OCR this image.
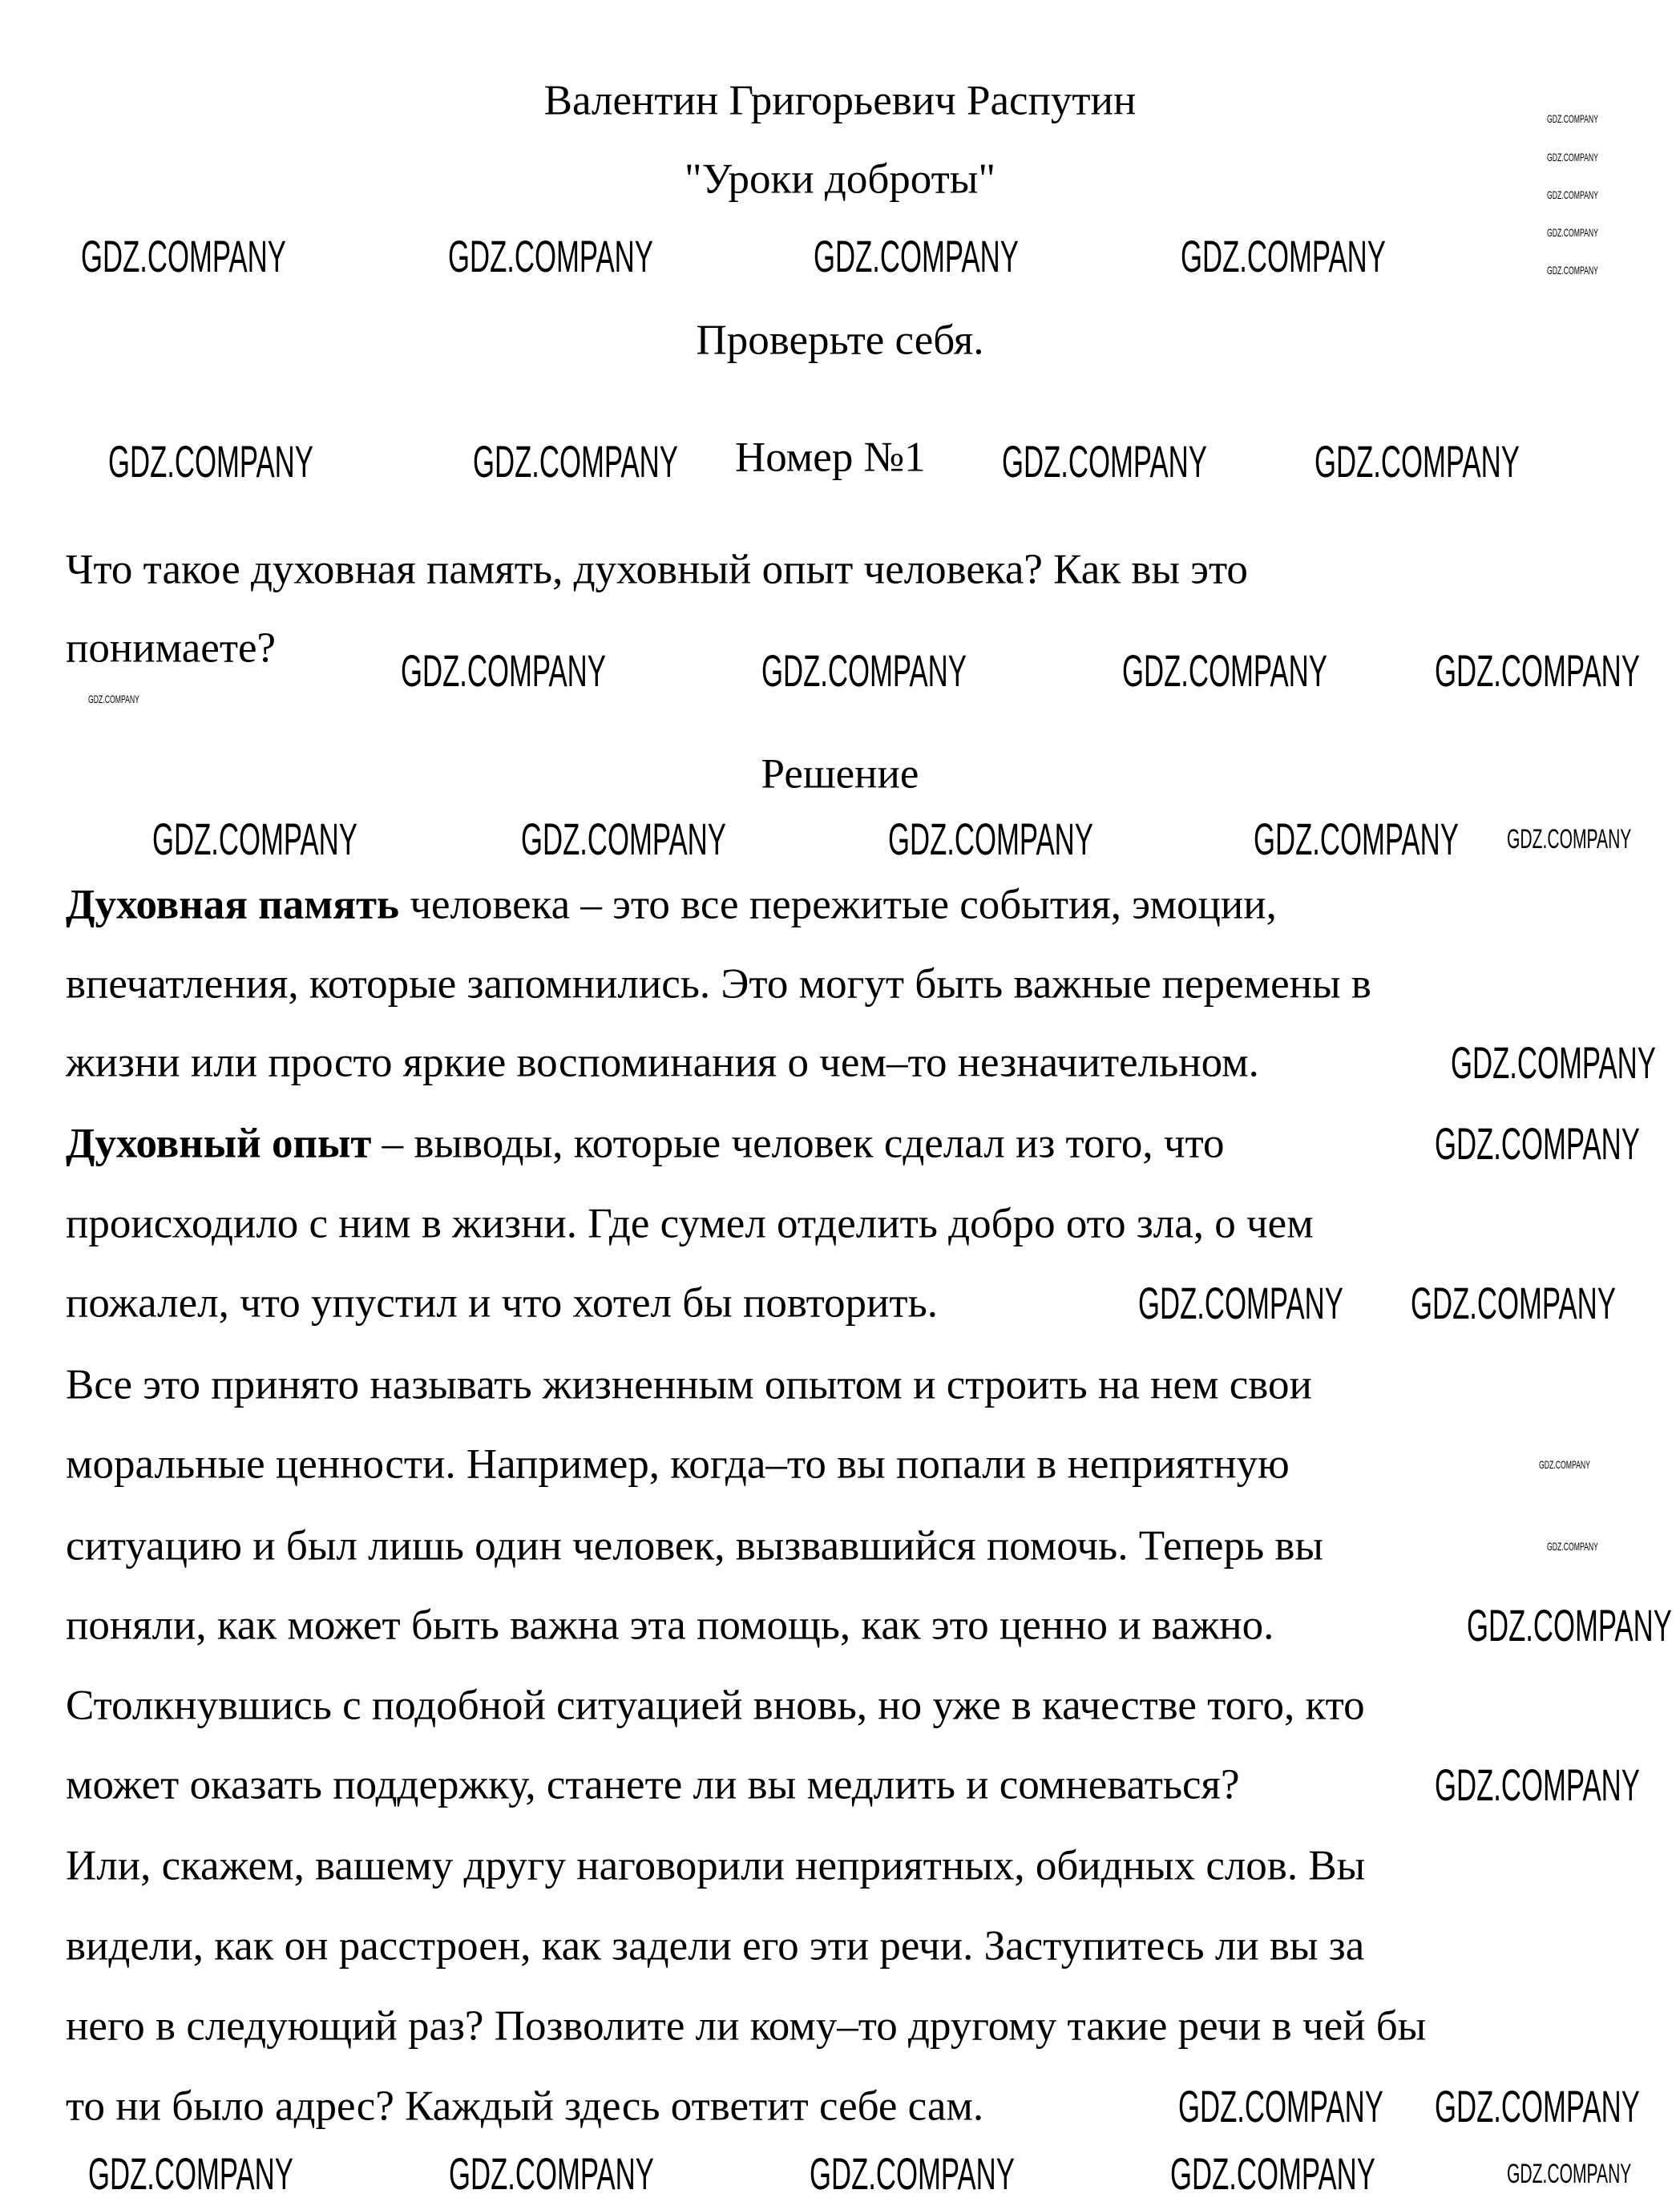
Валентин Григорьевич Распутин
"Уроки доброты"
Проверьте себя.
Номер №1
Что такое духовная память, духовный опыт человека? Как вы это
понимаете?
Решение
Духовная память человека – это все пережитые события, эмоции,
впечатления, которые запомнились. Это могут быть важные перемены в
жизни или просто яркие воспоминания о чем–то незначительном.
Духовный опыт – выводы, которые человек сделал из того, что
происходило с ним в жизни. Где сумел отделить добро ото зла, о чем
пожалел, что упустил и что хотел бы повторить.
Все это принято называть жизненным опытом и строить на нем свои
моральные ценности. Например, когда–то вы попали в неприятную
ситуацию и был лишь один человек, вызвавшийся помочь. Теперь вы
поняли, как может быть важна эта помощь, как это ценно и важно.
Столкнувшись с подобной ситуацией вновь, но уже в качестве того, кто
может оказать поддержку, станете ли вы медлить и сомневаться?
Или, скажем, вашему другу наговорили неприятных, обидных слов. Вы
видели, как он расстроен, как задели его эти речи. Заступитесь ли вы за
него в следующий раз? Позволите ли кому–то другому такие речи в чей бы
то ни было адрес? Каждый здесь ответит себе сам.
GDZ.COMPANY	GDZ.COMPANY	GDZ.COMPANY	GDZ.COMPANY
GDZ.COMPANY	GDZ.COMPANY	GDZ.COMPANY GDZ.COMPANY
GDZ.COMPANY	GDZ.COMPANY	GDZ.COMPANY GDZ.COMPANY
GDZ.COMPANY
GDZ.COMPANY	GDZ.COMPANY	GDZ.COMPANY	GDZ.COMPANY GDZ.COMPANY
GDZ.COMPANY
GDZ.COMPANY
GDZ.COMPANY GDZ.COMPANY
GDZ.COMPANY
GDZ.COMPANY
GDZ.COMPANY
GDZ.COMPANY
GDZ.COMPANY GDZ.COMPANY
GDZ.COMPANY	GDZ.COMPANY	GDZ.COMPANY	GDZ.COMPANY	GDZ.COMPANY
GDZ.COMPANY
GDZ.COMPANY
GDZ.COMPANY
GDZ.COMPANY
GDZ.COMPANY
